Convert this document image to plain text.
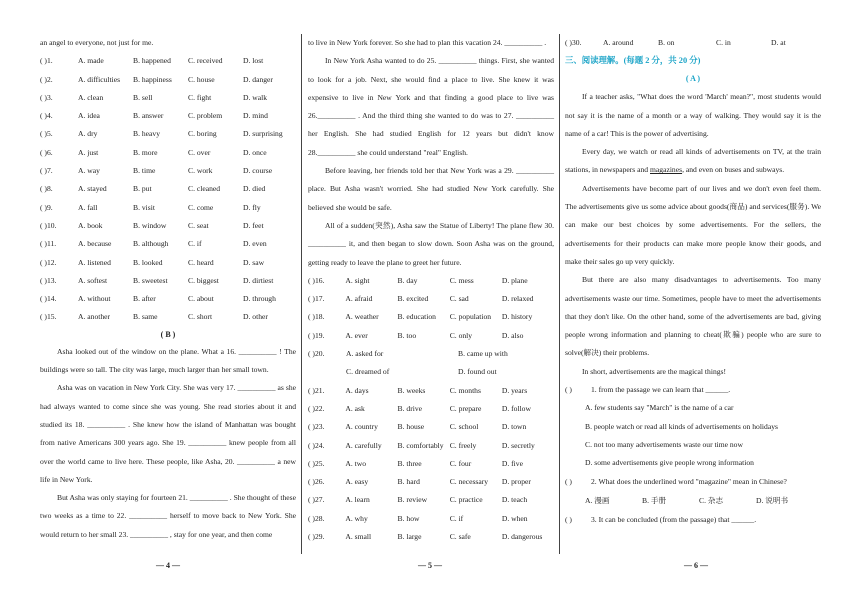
an angel to everyone, not just for me.

( )1.	A. made	B. happened	C. received	D. lost
( )2.	A. difficulties	B. happiness	C. house	D. danger
( )3.	A. clean	B. sell	C. fight	D. walk
( )4.	A. idea	B. answer	C. problem	D. mind
( )5.	A. dry	B. heavy	C. boring	D. surprising
( )6.	A. just	B. more	C. over	D. once
( )7.	A. way	B. time	C. work	D. course
( )8.	A. stayed	B. put	C. cleaned	D. died
( )9.	A. fall	B. visit	C. come	D. fly
( )10.	A. book	B. window	C. seat	D. feet
( )11.	A. because	B. although	C. if	D. even
( )12.	A. listened	B. looked	C. heard	D. saw
( )13.	A. softest	B. sweetest	C. biggest	D. dirtiest
( )14.	A. without	B. after	C. about	D. through
( )15.	A. another	B. same	C. short	D. other
( B )

Asha looked out of the window on the plane. What a 16. __________ ! The buildings were so tall. The city was large, much larger than her small town.

Asha was on vacation in New York City. She was very 17. __________ as she had always wanted to come since she was young. She read stories about it and studied its 18. __________ . She knew how the island of Manhattan was bought from native Americans 300 years ago. She 19. __________ knew people from all over the world came to live here. These people, like Asha, 20. __________ a new life in New York.

But Asha was only staying for fourteen 21. __________ . She thought of these two weeks as a time to 22. __________ herself to move back to New York. She would return to her small 23. __________ , stay for one year, and then come

to live in New York forever. So she had to plan this vacation 24. __________ .

In New York Asha wanted to do 25. __________ things. First, she wanted to look for a job. Next, she would find a place to live. She knew it was expensive to live in New York and that finding a good place to live was 26.__________ . And the third thing she wanted to do was to 27. __________ her English. She had studied English for 12 years but didn't know 28.__________ she could understand "real" English.

Before leaving, her friends told her that New York was a 29. __________ place. But Asha wasn't worried. She had studied New York carefully. She believed she would be safe.

All of a sudden(突然), Asha saw the Statue of Liberty! The plane flew 30. __________ it, and then began to slow down. Soon Asha was on the ground, getting ready to leave the plane to greet her future.

( )16.	A. sight	B. day	C. mess	D. plane
( )17.	A. afraid	B. excited	C. sad	D. relaxed
( )18.	A. weather	B. education	C. population	D. history
( )19.	A. ever	B. too	C. only	D. also
( )20.	A. asked for	B. came up with
C. dreamed of	D. found out
( )21.	A. days	B. weeks	C. months	D. years
( )22.	A. ask	B. drive	C. prepare	D. follow
( )23.	A. country	B. house	C. school	D. town
( )24.	A. carefully	B. comfortably C. freely	D. secretly
( )25.	A. two	B. three	C. four	D. five
( )26.	A. easy	B. hard	C. necessary	D. proper
( )27.	A. learn	B. review	C. practice	D. teach
( )28.	A. why	B. how	C. if	D. when
( )29.	A. small	B. large	C. safe	D. dangerous
( )30.	A. around	B. on	C. in	D. at
三、阅读理解。(每题 2 分，共 20 分)
( A )

If a teacher asks, "What does the word 'March' mean?", most students would not say it is the name of a month or a way of walking. They would say it is the name of a car! This is the power of advertising.

Every day, we watch or read all kinds of advertisements on TV, at the train stations, in newspapers and magazines, and even on buses and subways.

Advertisements have become part of our lives and we don't even feel them. The advertisements give us some advice about goods(商品) and services(服务). We can make our best choices by some advertisements. For the sellers, the advertisements for their products can make more people know their goods, and make their sales go up very quickly.

But there are also many disadvantages to advertisements. Too many advertisements waste our time. Sometimes, people have to meet the advertisements that they don't like. On the other hand, some of the advertisements are bad, giving people wrong information and planning to cheat(欺骗) people who are sure to solve(解决) their problems.

In short, advertisements are the magical things!

( )	1. from the passage we can learn that ______.
A. few students say "March" is the name of a car
B. people watch or read all kinds of advertisements on holidays
C. not too many advertisements waste our time now
D. some advertisements give people wrong information
( )	2. What does the underlined word "magazine" mean in Chinese?
A. 漫画	B. 手册	C. 杂志	D. 说明书
( )	3. It can be concluded (from the passage) that ______.
— 4 —	— 5 —	— 6 —
